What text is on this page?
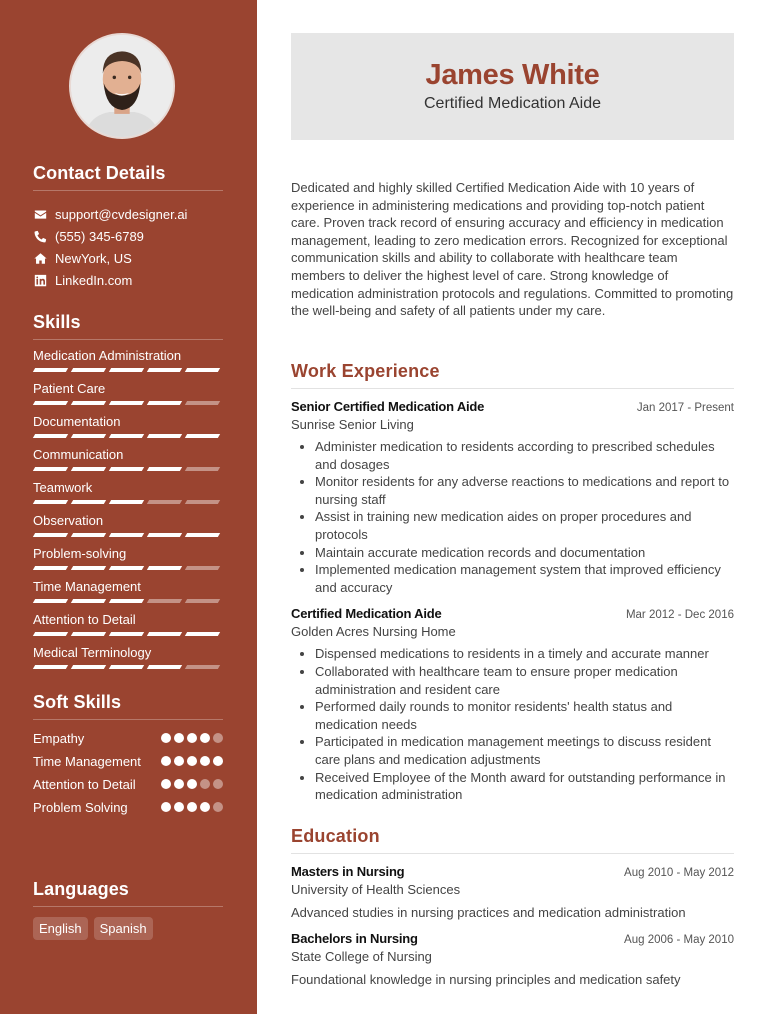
Contact Details
support@cvdesigner.ai
(555) 345-6789
NewYork, US
LinkedIn.com
Skills
Medication Administration
Patient Care
Documentation
Communication
Teamwork
Observation
Problem-solving
Time Management
Attention to Detail
Medical Terminology
Soft Skills
Empathy
Time Management
Attention to Detail
Problem Solving
Languages
English	Spanish
James White
Certified Medication Aide

Dedicated and highly skilled Certified Medication Aide with 10 years of experience in administering medications and providing top-notch patient care. Proven track record of ensuring accuracy and efficiency in medication management, leading to zero medication errors. Recognized for exceptional communication skills and ability to collaborate with healthcare team members to deliver the highest level of care. Strong knowledge of medication administration protocols and regulations. Committed to promoting the well-being and safety of all patients under my care.

Work Experience
Senior Certified Medication Aide	Jan 2017 - Present
Sunrise Senior Living
• Administer medication to residents according to prescribed schedules and dosages
• Monitor residents for any adverse reactions to medications and report to nursing staff
• Assist in training new medication aides on proper procedures and protocols
• Maintain accurate medication records and documentation
• Implemented medication management system that improved efficiency and accuracy
Certified Medication Aide	Mar 2012 - Dec 2016
Golden Acres Nursing Home
• Dispensed medications to residents in a timely and accurate manner
• Collaborated with healthcare team to ensure proper medication administration and resident care
• Performed daily rounds to monitor residents' health status and medication needs
• Participated in medication management meetings to discuss resident care plans and medication adjustments
• Received Employee of the Month award for outstanding performance in medication administration
Education
Masters in Nursing	Aug 2010 - May 2012
University of Health Sciences
Advanced studies in nursing practices and medication administration
Bachelors in Nursing	Aug 2006 - May 2010
State College of Nursing
Foundational knowledge in nursing principles and medication safety
